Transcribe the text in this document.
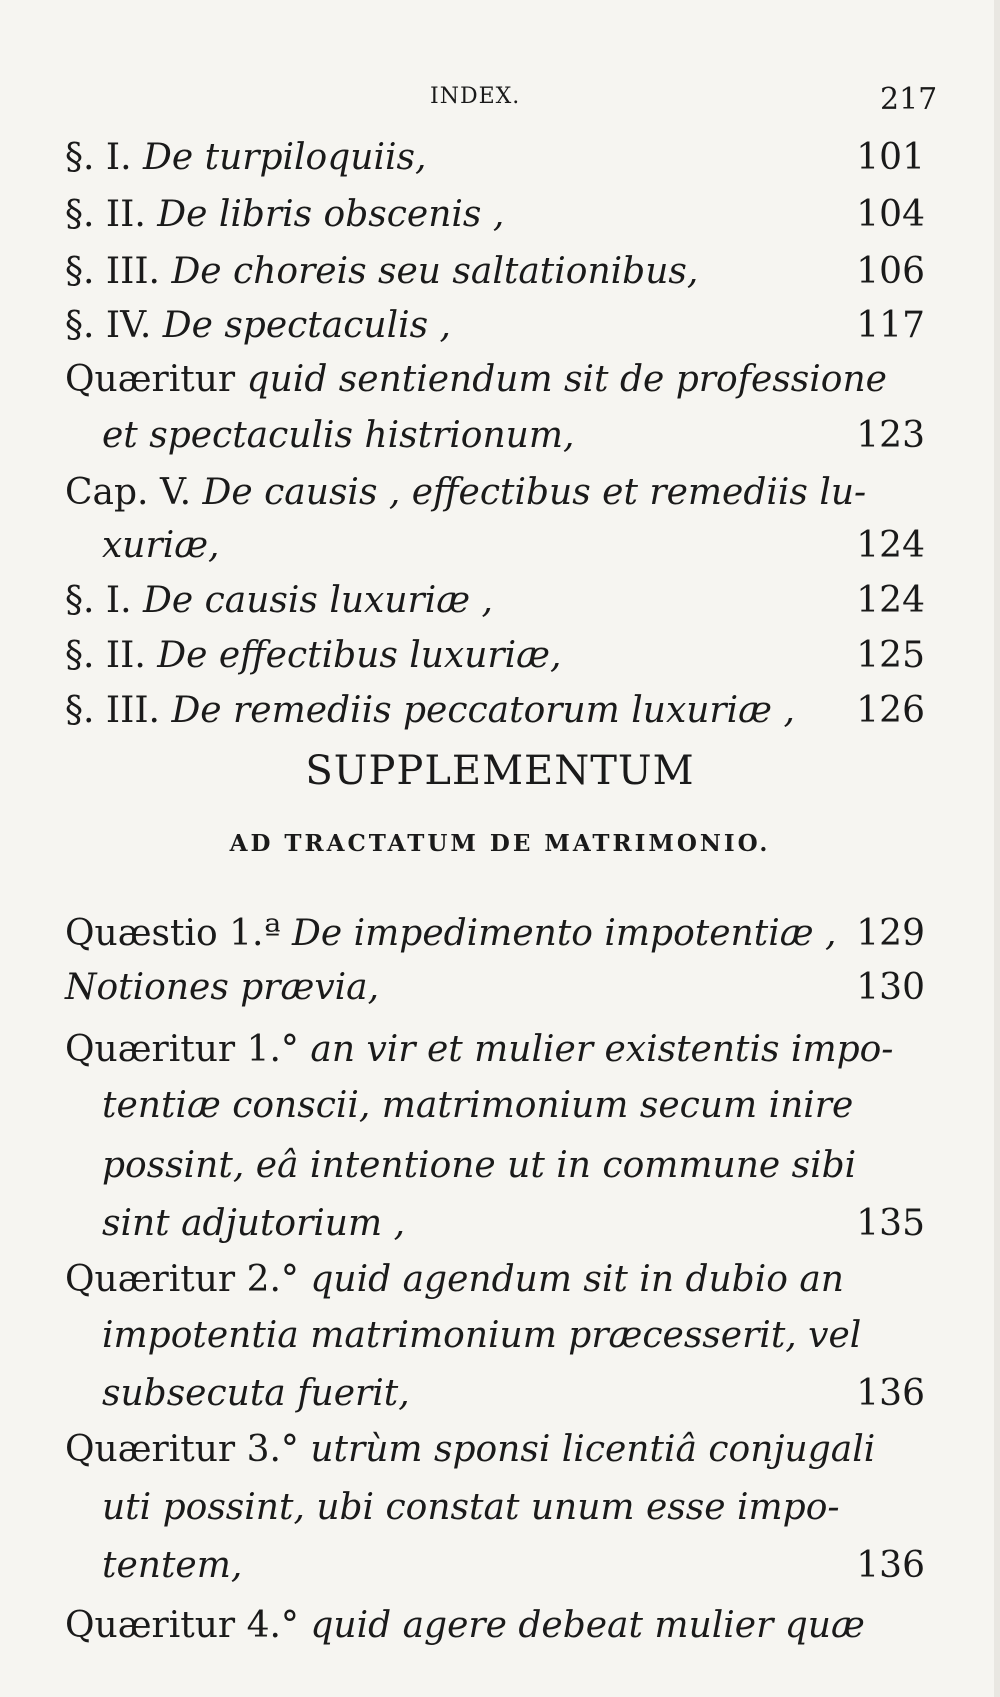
INDEX.	217
§. I. De turpiloquiis,	101
§. II. De libris obscenis ,	104
§. III. De choreis seu saltationibus,	106
§. IV. De spectaculis ,	117
Quæritur quid sentiendum sit de professione
et spectaculis histrionum,	123
Cap. V. De causis , effectibus et remediis lu-
xuriæ,	124
§. I. De causis luxuriæ ,	124
§. II. De effectibus luxuriæ,	125
§. III. De remediis peccatorum luxuriæ , 126
SUPPLEMENTUM
AD TRACTATUM DE MATRIMONIO.
Quæstio 1.ª De impedimento impotentiæ , 129
Notiones prævia,	130
Quæritur 1.° an vir et mulier existentis impo-
tentiæ conscii, matrimonium secum inire
possint, eâ intentione ut in commune sibi
sint adjutorium ,	135
Quæritur 2.° quid agendum sit in dubio an
impotentia matrimonium præcesserit, vel
subsecuta fuerit,	136
Quæritur 3.° utrùm sponsi licentiâ conjugali
uti possint, ubi constat unum esse impo-
tentem,	136
Quæritur 4.° quid agere debeat mulier quæ
